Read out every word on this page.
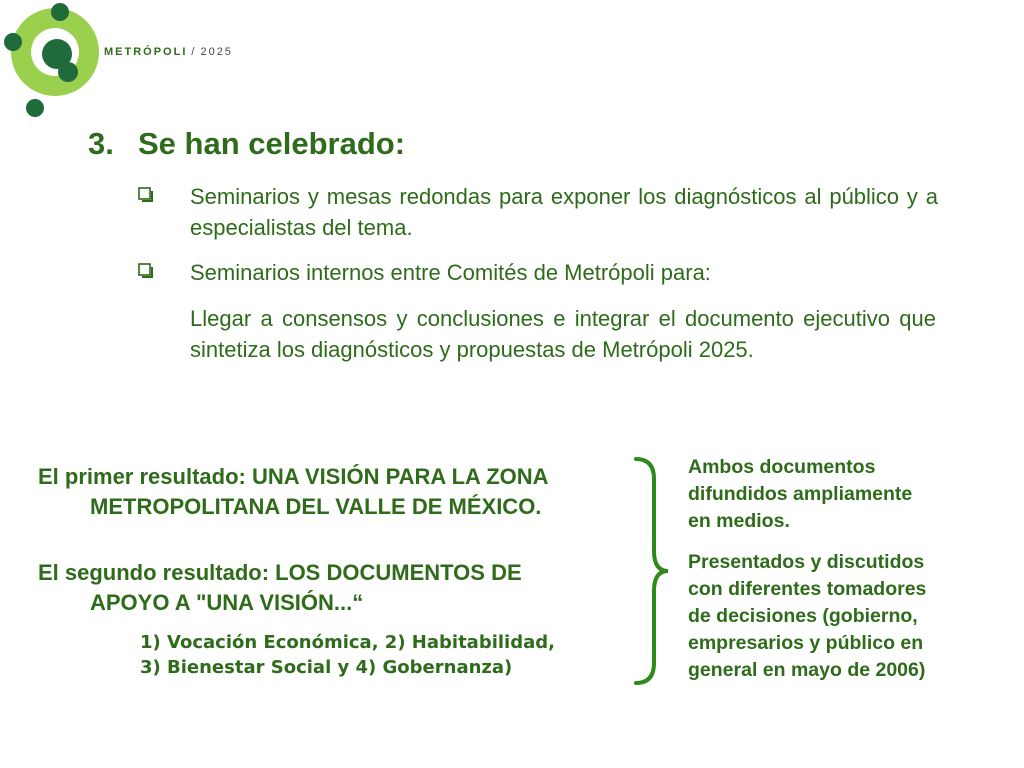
METRÓPOLI / 2025
3. Se han celebrado:
Seminarios y mesas redondas para exponer los diagnósticos al público y a especialistas del tema.
Seminarios internos entre Comités de Metrópoli para:
Llegar a consensos y conclusiones e integrar el documento ejecutivo que sintetiza los diagnósticos y propuestas de Metrópoli 2025.
El primer resultado: UNA VISIÓN PARA LA ZONA
METROPOLITANA DEL VALLE DE MÉXICO.
El segundo resultado: LOS DOCUMENTOS DE
APOYO A "UNA VISIÓN...“
1) Vocación Económica, 2) Habitabilidad,
3) Bienestar Social y 4) Gobernanza)
Ambos documentos
difundidos ampliamente
en medios.
Presentados y discutidos
con diferentes tomadores
de decisiones (gobierno,
empresarios y público en
general en mayo de 2006)
